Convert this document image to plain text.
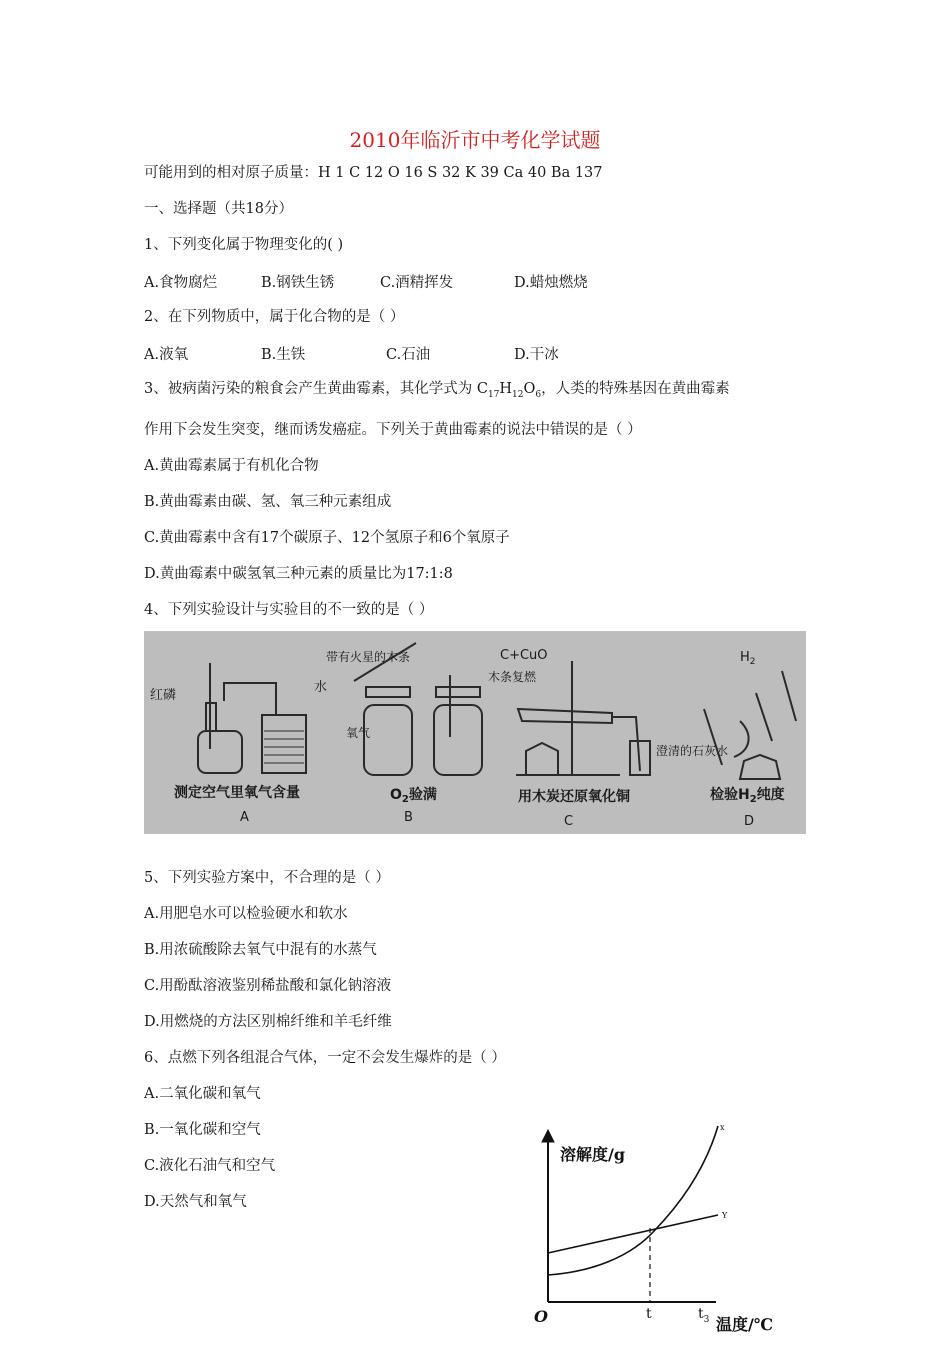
2010年临沂市中考化学试题
可能用到的相对原子质量：H 1 C 12 O 16 S 32 K 39 Ca 40 Ba 137
一、选择题（共18分）
1、下列变化属于物理变化的( )
A.食物腐烂	B.钢铁生锈	C.酒精挥发	D.蜡烛燃烧
2、在下列物质中，属于化合物的是（ ）
A.液氧	B.生铁	C.石油	D.干冰
3、被病菌污染的粮食会产生黄曲霉素，其化学式为 $C_{17}H_{12}O_6$，人类的特殊基因在黄曲霉素
作用下会发生突变，继而诱发癌症。下列关于黄曲霉素的说法中错误的是（ ）
A.黄曲霉素属于有机化合物
B.黄曲霉素由碳、氢、氧三种元素组成
C.黄曲霉素中含有17个碳原子、12个氢原子和6个氧原子
D.黄曲霉素中碳氢氧三种元素的质量比为17:1:8
4、下列实验设计与实验目的不一致的是（ ）
红磷
水
测定空气里氧气含量
A
带有火星的木条
氧气
木条复燃
$O_2$验满
B
C+CuO
澄清的石灰水
用木炭还原氧化铜
C
$H_2$
检验$H_2$纯度
D
5、下列实验方案中，不合理的是（ ）
A.用肥皂水可以检验硬水和软水
B.用浓硫酸除去氧气中混有的水蒸气
C.用酚酞溶液鉴别稀盐酸和氯化钠溶液
D.用燃烧的方法区别棉纤维和羊毛纤维
6、点燃下列各组混合气体，一定不会发生爆炸的是（ ）
A.二氧化碳和氧气
B.一氧化碳和空气
C.液化石油气和空气
D.天然气和氧气
溶解度/g
O	t	$t_3$ 温度/℃
x
Y
